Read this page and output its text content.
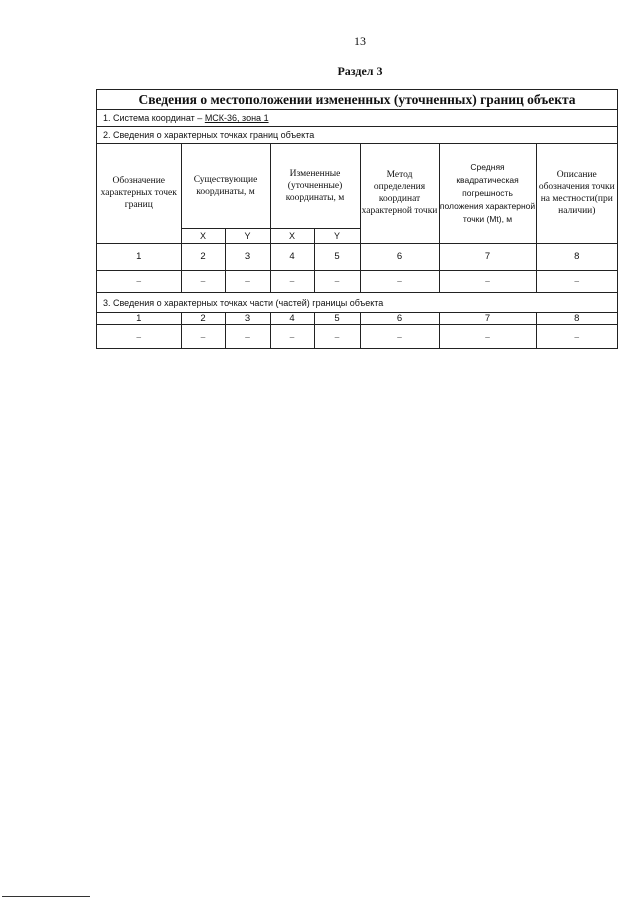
13
Раздел 3
Сведения о местоположении измененных (уточненных) границ объекта
1. Система координат – МСК-36, зона 1
2. Сведения о характерных точках границ объекта
Обозначение характерных точек границ	Существующие координаты, м		Измененные (уточненные) координаты, м		Метод определения координат характерной точки	Средняя квадратическая погрешность положения характерной точки (Mt), м	Описание обозначения точки на местности(при наличии)
	X	Y	X	Y			
1	2	3	4	5	6	7	8
–	–	–	–	–	–	–	–
3. Сведения о характерных точках части (частей) границы объекта
1	2	3	4	5	6	7	8
–	–	–	–	–	–	–	–
